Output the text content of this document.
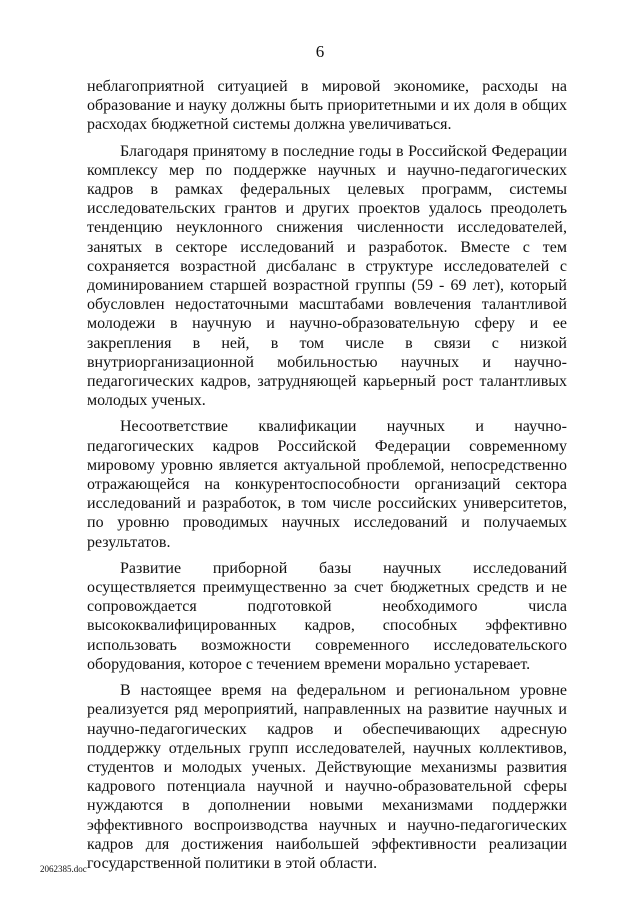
6

неблагоприятной ситуацией в мировой экономике, расходы на образование и науку должны быть приоритетными и их доля в общих расходах бюджетной системы должна увеличиваться.

Благодаря принятому в последние годы в Российской Федерации комплексу мер по поддержке научных и научно-педагогических кадров в рамках федеральных целевых программ, системы исследовательских грантов и других проектов удалось преодолеть тенденцию неуклонного снижения численности исследователей, занятых в секторе исследований и разработок. Вместе с тем сохраняется возрастной дисбаланс в структуре исследователей с доминированием старшей возрастной группы (59 - 69 лет), который обусловлен недостаточными масштабами вовлечения талантливой молодежи в научную и научно-образовательную сферу и ее закрепления в ней, в том числе в связи с низкой внутриорганизационной мобильностью научных и научно-педагогических кадров, затрудняющей карьерный рост талантливых молодых ученых.

Несоответствие квалификации научных и научно-педагогических кадров Российской Федерации современному мировому уровню является актуальной проблемой, непосредственно отражающейся на конкурентоспособности организаций сектора исследований и разработок, в том числе российских университетов, по уровню проводимых научных исследований и получаемых результатов.

Развитие приборной базы научных исследований осуществляется преимущественно за счет бюджетных средств и не сопровождается подготовкой необходимого числа высококвалифицированных кадров, способных эффективно использовать возможности современного исследовательского оборудования, которое с течением времени морально устаревает.

В настоящее время на федеральном и региональном уровне реализуется ряд мероприятий, направленных на развитие научных и научно-педагогических кадров и обеспечивающих адресную поддержку отдельных групп исследователей, научных коллективов, студентов и молодых ученых. Действующие механизмы развития кадрового потенциала научной и научно-образовательной сферы нуждаются в дополнении новыми механизмами поддержки эффективного воспроизводства научных и научно-педагогических кадров для достижения наибольшей эффективности реализации государственной политики в этой области.

2062385.doc
